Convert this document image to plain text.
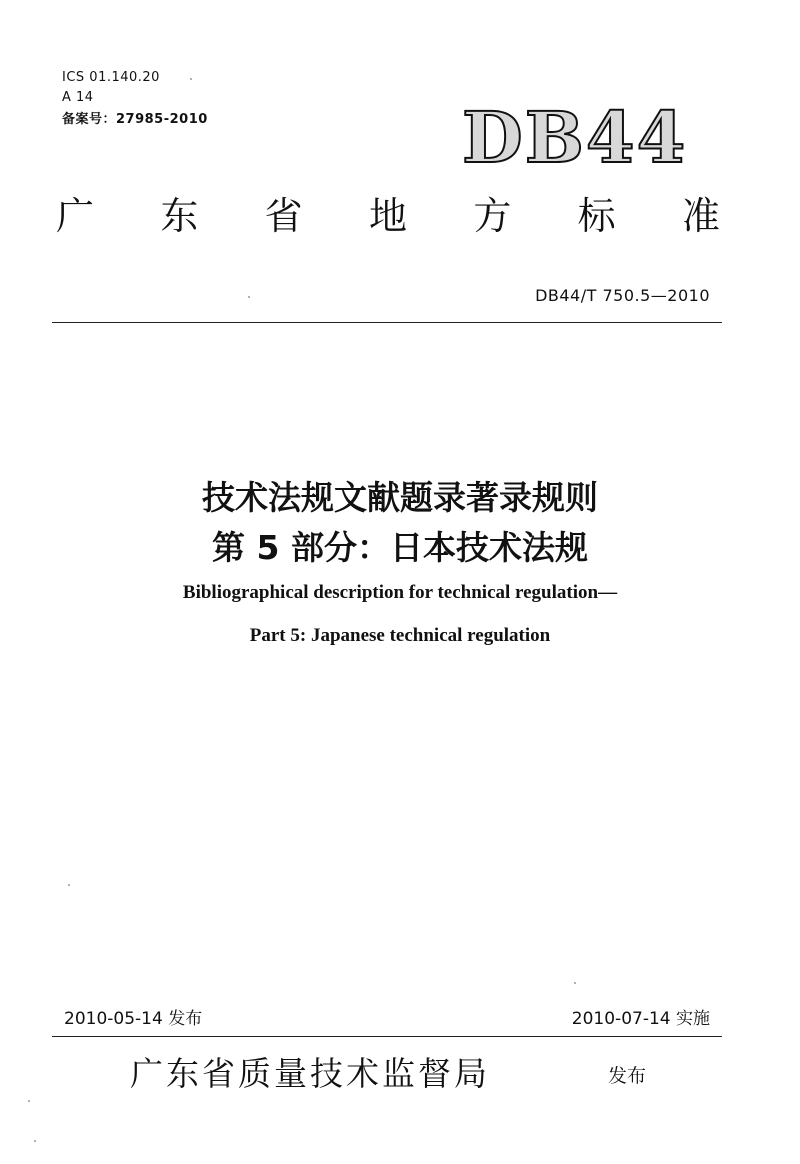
ICS 01.140.20
A 14
备案号：27985-2010	DB44
广 东 省 地 方 标 准
DB44/T 750.5—2010
技术法规文献题录著录规则
第 5 部分：日本技术法规
Bibliographical description for technical regulation—
Part 5: Japanese technical regulation
2010-05-14 发布	2010-07-14 实施
广东省质量技术监督局	发布
